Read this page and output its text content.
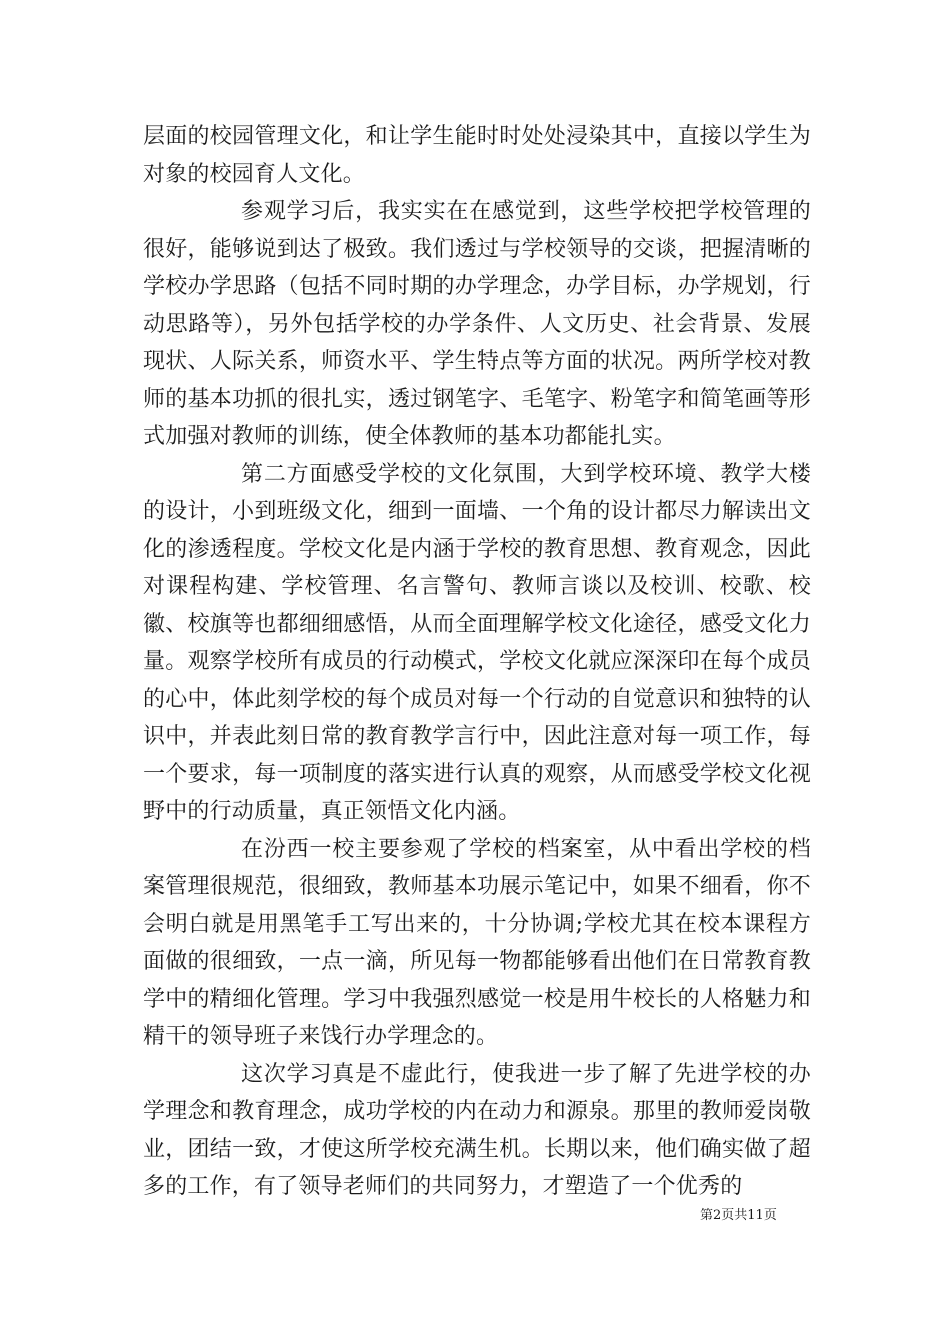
层面的校园管理文化，和让学生能时时处处浸染其中，直接以学生为对象的校园育人文化。

参观学习后，我实实在在感觉到，这些学校把学校管理的很好，能够说到达了极致。我们透过与学校领导的交谈，把握清晰的学校办学思路（包括不同时期的办学理念，办学目标，办学规划，行动思路等），另外包括学校的办学条件、人文历史、社会背景、发展现状、人际关系，师资水平、学生特点等方面的状况。两所学校对教师的基本功抓的很扎实，透过钢笔字、毛笔字、粉笔字和简笔画等形式加强对教师的训练，使全体教师的基本功都能扎实。

第二方面感受学校的文化氛围，大到学校环境、教学大楼的设计，小到班级文化，细到一面墙、一个角的设计都尽力解读出文化的渗透程度。学校文化是内涵于学校的教育思想、教育观念，因此对课程构建、学校管理、名言警句、教师言谈以及校训、校歌、校徽、校旗等也都细细感悟，从而全面理解学校文化途径，感受文化力量。观察学校所有成员的行动模式，学校文化就应深深印在每个成员的心中，体此刻学校的每个成员对每一个行动的自觉意识和独特的认识中，并表此刻日常的教育教学言行中，因此注意对每一项工作，每一个要求，每一项制度的落实进行认真的观察，从而感受学校文化视野中的行动质量，真正领悟文化内涵。

在汾西一校主要参观了学校的档案室，从中看出学校的档案管理很规范，很细致，教师基本功展示笔记中，如果不细看，你不会明白就是用黑笔手工写出来的，十分协调;学校尤其在校本课程方面做的很细致，一点一滴，所见每一物都能够看出他们在日常教育教学中的精细化管理。学习中我强烈感觉一校是用牛校长的人格魅力和精干的领导班子来饯行办学理念的。

这次学习真是不虚此行，使我进一步了解了先进学校的办学理念和教育理念，成功学校的内在动力和源泉。那里的教师爱岗敬业，团结一致，才使这所学校充满生机。长期以来，他们确实做了超多的工作，有了领导老师们的共同努力，才塑造了一个优秀的

第2页共11页
